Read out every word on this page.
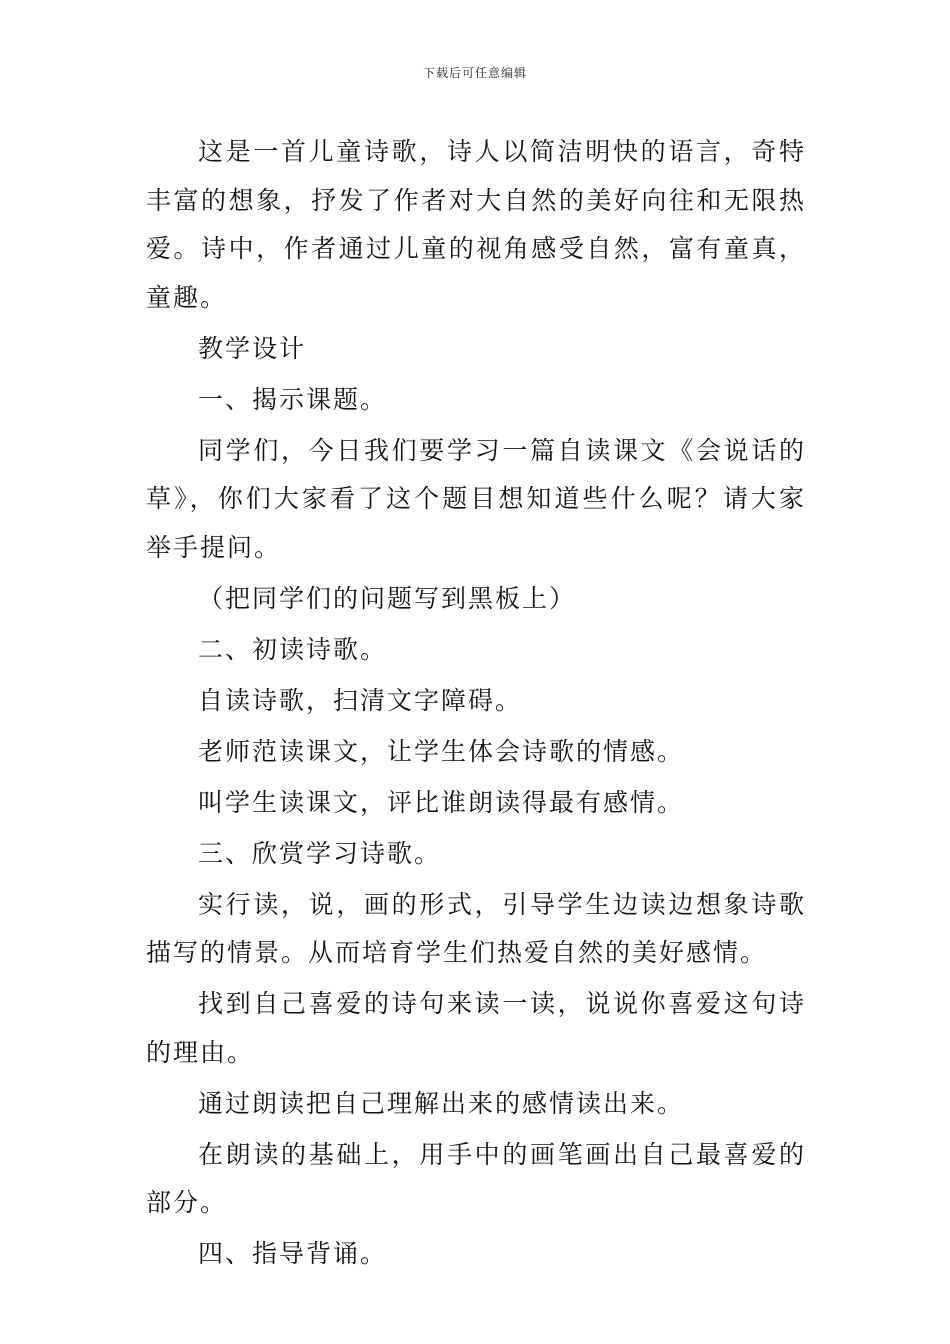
下载后可任意编辑

这是一首儿童诗歌，诗人以简洁明快的语言，奇特丰富的想象，抒发了作者对大自然的美好向往和无限热爱。诗中，作者通过儿童的视角感受自然，富有童真，童趣。

教学设计

一、揭示课题。

同学们，今日我们要学习一篇自读课文《会说话的草》，你们大家看了这个题目想知道些什么呢？请大家举手提问。

（把同学们的问题写到黑板上）

二、初读诗歌。

自读诗歌，扫清文字障碍。

老师范读课文，让学生体会诗歌的情感。

叫学生读课文，评比谁朗读得最有感情。

三、欣赏学习诗歌。

实行读，说，画的形式，引导学生边读边想象诗歌描写的情景。从而培育学生们热爱自然的美好感情。

找到自己喜爱的诗句来读一读，说说你喜爱这句诗的理由。

通过朗读把自己理解出来的感情读出来。

在朗读的基础上，用手中的画笔画出自己最喜爱的部分。

四、指导背诵。
